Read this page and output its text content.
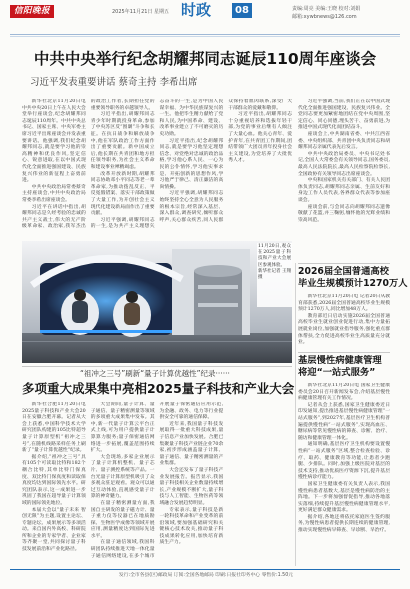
信阳晚报	2025年11月21日 星期五 时政	08	责编:周亮 美编:王晓 校对:刘娟
邮箱:xywbnews@126.com
中共中央举行纪念胡耀邦同志诞辰110周年座谈会
习近平发表重要讲话 蔡奇主持 李希出席

新华社北京11月20日电 中共中央20日上午在人民大会堂举行座谈会,纪念胡耀邦同志诞辰110周年。中共中央总书记、国家主席、中央军委主席习近平出席座谈会并发表重要讲话。他强调,我们纪念胡耀邦同志,就是要学习他的崇高精神和优良作风,坚定信心、锐意进取,在以中国式现代化全面推进强国建设、民族复兴伟业的新征程上奋勇前进。

中共中央政治局常委蔡奇主持座谈会,中共中央政治局常委李希出席座谈会。

习近平在讲话中指出,胡耀邦同志是久经考验的忠诚的共产主义战士,伟大的无产阶级革命家、政治家,我军杰出的政治工作者,长期担任党的重要领导职务的卓越领导人。

习近平指出,胡耀邦同志青少年时期就投身革命,参加了中央苏区反“围剿”斗争和长征。在抗日战争和解放战争中,他在军队政治工作方面作出了重要贡献。新中国成立后,他长期在共青团和地方担任领导职务,为社会主义革命和建设事业殚精竭虑。

改革开放新时期,胡耀邦同志协助邓小平同志等老一辈革命家,为推动拨乱反正、平反冤假错案、落实干部政策做了大量工作,为开创社会主义现代化建设新局面作出了重要贡献。

习近平强调,胡耀邦同志的一生,是为共产主义理想矢志奋斗的一生,是为中国人民谋幸福、为中华民族谋复兴的一生。他把毕生精力献给了党和人民,为中国革命、建设、改革事业建立了不可磨灭的历史功勋。

习近平指出,纪念胡耀邦同志,就是要学习他坚定理想信念、对党绝对忠诚的政治品格,学习他心系人民、一心为民的公仆情怀,学习他实事求是、开拓创新的思想作风,学习他严于律己、清正廉洁的高尚情操。

习近平强调,胡耀邦同志始终坚持全心全意为人民服务的根本宗旨,经常深入基层、深入群众,调查研究,倾听群众呼声,关心群众疾苦,同人民群众保持着血肉联系,深受广大干部群众的爱戴和敬仰。

习近平指出,胡耀邦同志十分重视培养和选拔年轻干部,为党的事业后继有人倾注了大量心血。他关心青年、爱护青年,在共青团工作期间,团结带领广大团员青年投身社会主义建设,为党培养了大批优秀人才。

习近平强调,当前,我们正在以中国式现代化全面推进强国建设、民族复兴伟业。全党同志要更加紧密地团结在党中央周围,坚定信心、同心同德,埋头苦干、奋勇前进,为推进中国式现代化而团结奋斗。

座谈会上,中共湖南省委、中共江西省委、中央组织部、共青团中央负责同志和胡耀邦同志亲属代表先后发言。

中共中央政治局委员、中央书记处书记,全国人大常委会有关领导同志,国务委员,最高人民法院院长,最高人民检察院检察长,全国政协有关领导同志出席座谈会。

中央和国家机关有关部门、有关人民团体负责同志,胡耀邦同志亲属、生前友好和身边工作人员代表,各界群众代表等参加座谈会。

座谈会前,与会同志向胡耀邦同志遗像敬献了花篮,并三鞠躬,缅怀他的光辉业绩和崇高风范。

11月20日,观众在2025量子科技和产业大会展区参观体验。
新华社记者 王翔 摄
2026届全国普通高校
毕业生规模预计1270万人

新华社北京11月20日电 记者20日从教育部获悉,2026届全国普通高校毕业生规模预计1270万人,同比增加48万人。

教育部近日启动实施2026届全国普通高校毕业生就业创业促进行动,集中力量拓展就业岗位,加强就业指导服务,强化重点群体帮扶,全力促进高校毕业生高质量充分就业。

基层慢性病健康管理
将迎“一站式服务”

新华社北京11月20日电 国家卫生健康委员会20日召开新闻发布会,介绍基层慢性病健康管理有关工作情况。

记者从会上获悉,国家卫生健康委近日印发通知,提出推进基层慢性病健康管理“一站式服务”,到2027年,基层医疗卫生机构普遍提供慢性病“一站式服务”,实现高血压、糖尿病等常见慢性病的筛查、诊断、治疗、随访和健康管理一体化。

通知明确,基层医疗卫生机构要设置慢性病“一站式服务”区域,整合检查检验、诊疗、取药、健康教育等功能,让患者少跑腿、少排队。同时,加强上级医院对基层的技术支持,推动优质医疗资源下沉,提升基层慢性病诊疗能力。

国家卫生健康委有关负责人表示,我国慢性病患者基数大,基层是慢性病防治的主阵地。下一步将加强督促指导,推动各地落实落细,持续提升基层慢性病健康管理水平,更好满足群众健康需求。

据介绍,各地还将依托家庭医生签约服务,为慢性病患者提供长期连续的健康管理,推动实现慢性病早筛查、早诊断、早治疗。

“祖冲之三号”刷新“量子计算优越性”纪录······
多项重大成果集中亮相2025量子科技和产业大会

新华社合肥11月20日电 2025量子科技和产业大会20日在安徽合肥开幕。记者从大会上获悉,中国科学技术大学研究团队构建的105比特超导量子计算原型机“祖冲之三号”,在随机线路采样任务上刷新了“量子计算优越性”纪录。

据介绍,“祖冲之三号”具有105个可读取比特和182个耦合比特,其单比特门保真度、双比特门保真度和读取保真度均达到国际领先水平。研究团队表示,这一成果进一步巩固了我国在超导量子计算领域的国际领先地位。

本届大会以“量子未来 智创无限”为主题,设置主论坛、专题论坛、成果展示等多项活动。来自国内外高校、科研院所和企业的专家学者、企业家等齐聚一堂,共同探讨量子科技发展前沿和产业化路径。

大会期间,量子计算、量子通信、量子精密测量等领域的多项重大成果集中发布。其中,新一代量子计算云平台正式上线,可为用户提供量子计算算力服务;量子保密通信网络进一步拓展,覆盖范围持续扩大。

大会现场,多家企业展示了量子计算机整机、量子芯片、量子测控系统等产品。一台光量子计算原型机吸引了众多观众驻足观看。观众可以通过互动体验,直观感受量子计算的神奇魅力。

在量子精密测量方面,我国自主研发的量子磁力计、量子重力仪等仪器已在地质勘探、生物医学成像等领域开展应用,测量精度达到国际先进水平。

在量子通信领域,我国科研团队持续推进天地一体化量子通信网络建设,在多个城市开展量子保密通信应用示范,为金融、政务、电力等行业提供安全可靠的通信保障。

近年来,我国量子科技发展取得一批重大科技成果,量子信息产业加快发展。合肥已集聚量子科技产业链企业70余家,初步形成涵盖量子计算、量子通信、量子精密测量的产业集群。

大会还发布了量子科技产业发展报告。报告显示,我国量子科技相关企业数量持续增长,产业规模不断扩大,量子科技与人工智能、生物医药等领域融合发展趋势明显。

专家表示,量子科技是新一轮科技革命和产业变革的前沿领域,要加强基础研究和关键核心技术攻关,推动量子科技成果转化应用,加快培育新质生产力。

发行:全市各县(区)邮政局 订阅:全国各地邮局 印刷:日报社印务中心 零售价:1.50元
